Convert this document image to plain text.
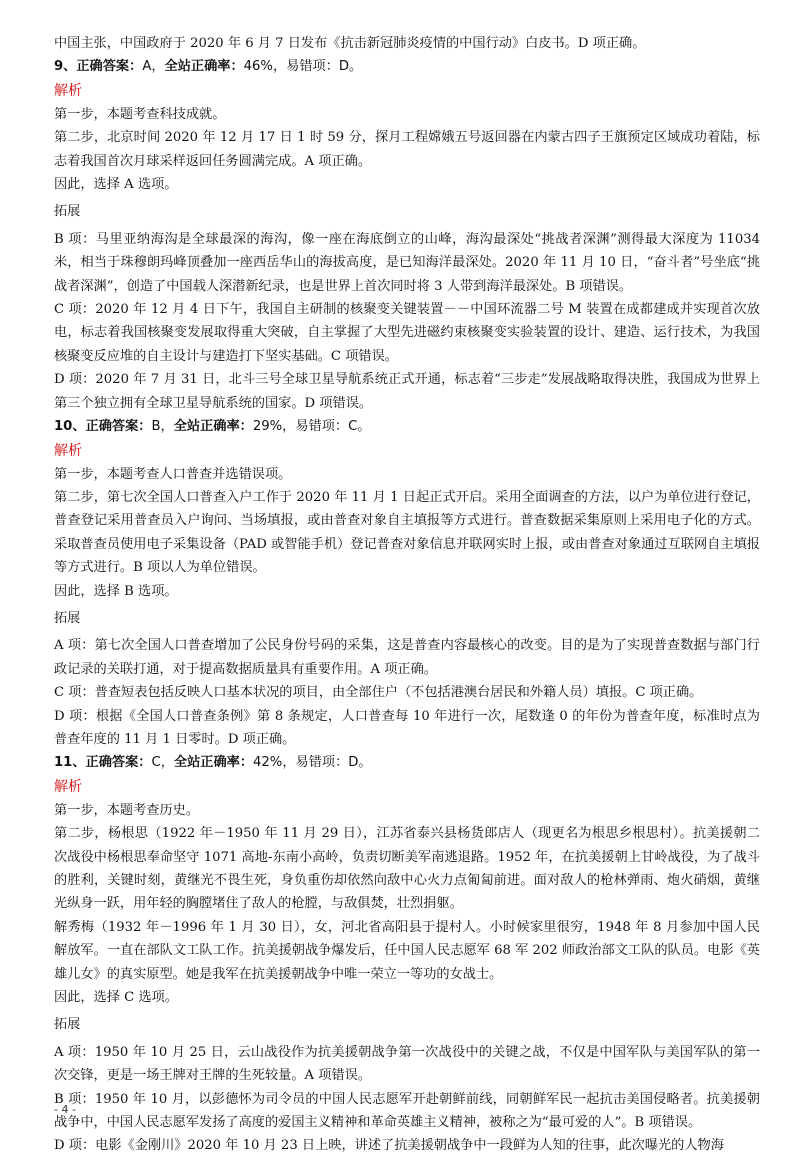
中国主张，中国政府于 2020 年 6 月 7 日发布《抗击新冠肺炎疫情的中国行动》白皮书。D 项正确。

9、正确答案：A，全站正确率：46%，易错项：D。

解析

第一步，本题考查科技成就。

第二步，北京时间 2020 年 12 月 17 日 1 时 59 分，探月工程嫦娥五号返回器在内蒙古四子王旗预定区域成功着陆，标志着我国首次月球采样返回任务圆满完成。A 项正确。

因此，选择 A 选项。

拓展

B 项：马里亚纳海沟是全球最深的海沟，像一座在海底倒立的山峰，海沟最深处“挑战者深渊”测得最大深度为 11034 米，相当于珠穆朗玛峰顶叠加一座西岳华山的海拔高度，是已知海洋最深处。2020 年 11 月 10 日，“奋斗者”号坐底“挑战者深渊”，创造了中国载人深潜新纪录，也是世界上首次同时将 3 人带到海洋最深处。B 项错误。

C 项：2020 年 12 月 4 日下午，我国自主研制的核聚变关键装置－－中国环流器二号 M 装置在成都建成并实现首次放电，标志着我国核聚变发展取得重大突破，自主掌握了大型先进磁约束核聚变实验装置的设计、建造、运行技术，为我国核聚变反应堆的自主设计与建造打下坚实基础。C 项错误。

D 项：2020 年 7 月 31 日，北斗三号全球卫星导航系统正式开通，标志着“三步走”发展战略取得决胜，我国成为世界上第三个独立拥有全球卫星导航系统的国家。D 项错误。

10、正确答案：B，全站正确率：29%，易错项：C。

解析

第一步，本题考查人口普查并选错误项。

第二步，第七次全国人口普查入户工作于 2020 年 11 月 1 日起正式开启。采用全面调查的方法，以户为单位进行登记，普查登记采用普查员入户询问、当场填报，或由普查对象自主填报等方式进行。普查数据采集原则上采用电子化的方式。采取普查员使用电子采集设备（PAD 或智能手机）登记普查对象信息并联网实时上报，或由普查对象通过互联网自主填报等方式进行。B 项以人为单位错误。

因此，选择 B 选项。

拓展

A 项：第七次全国人口普查增加了公民身份号码的采集，这是普查内容最核心的改变。目的是为了实现普查数据与部门行政记录的关联打通，对于提高数据质量具有重要作用。A 项正确。

C 项：普查短表包括反映人口基本状况的项目，由全部住户（不包括港澳台居民和外籍人员）填报。C 项正确。

D 项：根据《全国人口普查条例》第 8 条规定，人口普查每 10 年进行一次，尾数逢 0 的年份为普查年度，标准时点为普查年度的 11 月 1 日零时。D 项正确。

11、正确答案：C，全站正确率：42%，易错项：D。

解析

第一步，本题考查历史。

第二步，杨根思（1922 年－1950 年 11 月 29 日），江苏省泰兴县杨货郎店人（现更名为根思乡根思村）。抗美援朝二次战役中杨根思奉命坚守 1071 高地-东南小高岭，负责切断美军南逃退路。1952 年，在抗美援朝上甘岭战役，为了战斗的胜利，关键时刻，黄继光不畏生死，身负重伤却依然向敌中心火力点匍匐前进。面对敌人的枪林弹雨、炮火硝烟，黄继光纵身一跃，用年轻的胸膛堵住了敌人的枪膛，与敌俱焚，壮烈捐躯。

解秀梅（1932 年－1996 年 1 月 30 日），女，河北省高阳县于提村人。小时候家里很穷，1948 年 8 月参加中国人民解放军。一直在部队文工队工作。抗美援朝战争爆发后，任中国人民志愿军 68 军 202 师政治部文工队的队员。电影《英雄儿女》的真实原型。她是我军在抗美援朝战争中唯一荣立一等功的女战士。

因此，选择 C 选项。

拓展

A 项：1950 年 10 月 25 日，云山战役作为抗美援朝战争第一次战役中的关键之战，不仅是中国军队与美国军队的第一次交锋，更是一场王牌对王牌的生死较量。A 项错误。

B 项：1950 年 10 月，以彭德怀为司令员的中国人民志愿军开赴朝鲜前线，同朝鲜军民一起抗击美国侵略者。抗美援朝战争中，中国人民志愿军发扬了高度的爱国主义精神和革命英雄主义精神，被称之为“最可爱的人”。B 项错误。

D 项：电影《金刚川》2020 年 10 月 23 日上映，讲述了抗美援朝战争中一段鲜为人知的往事，此次曝光的人物海

- 4 -
